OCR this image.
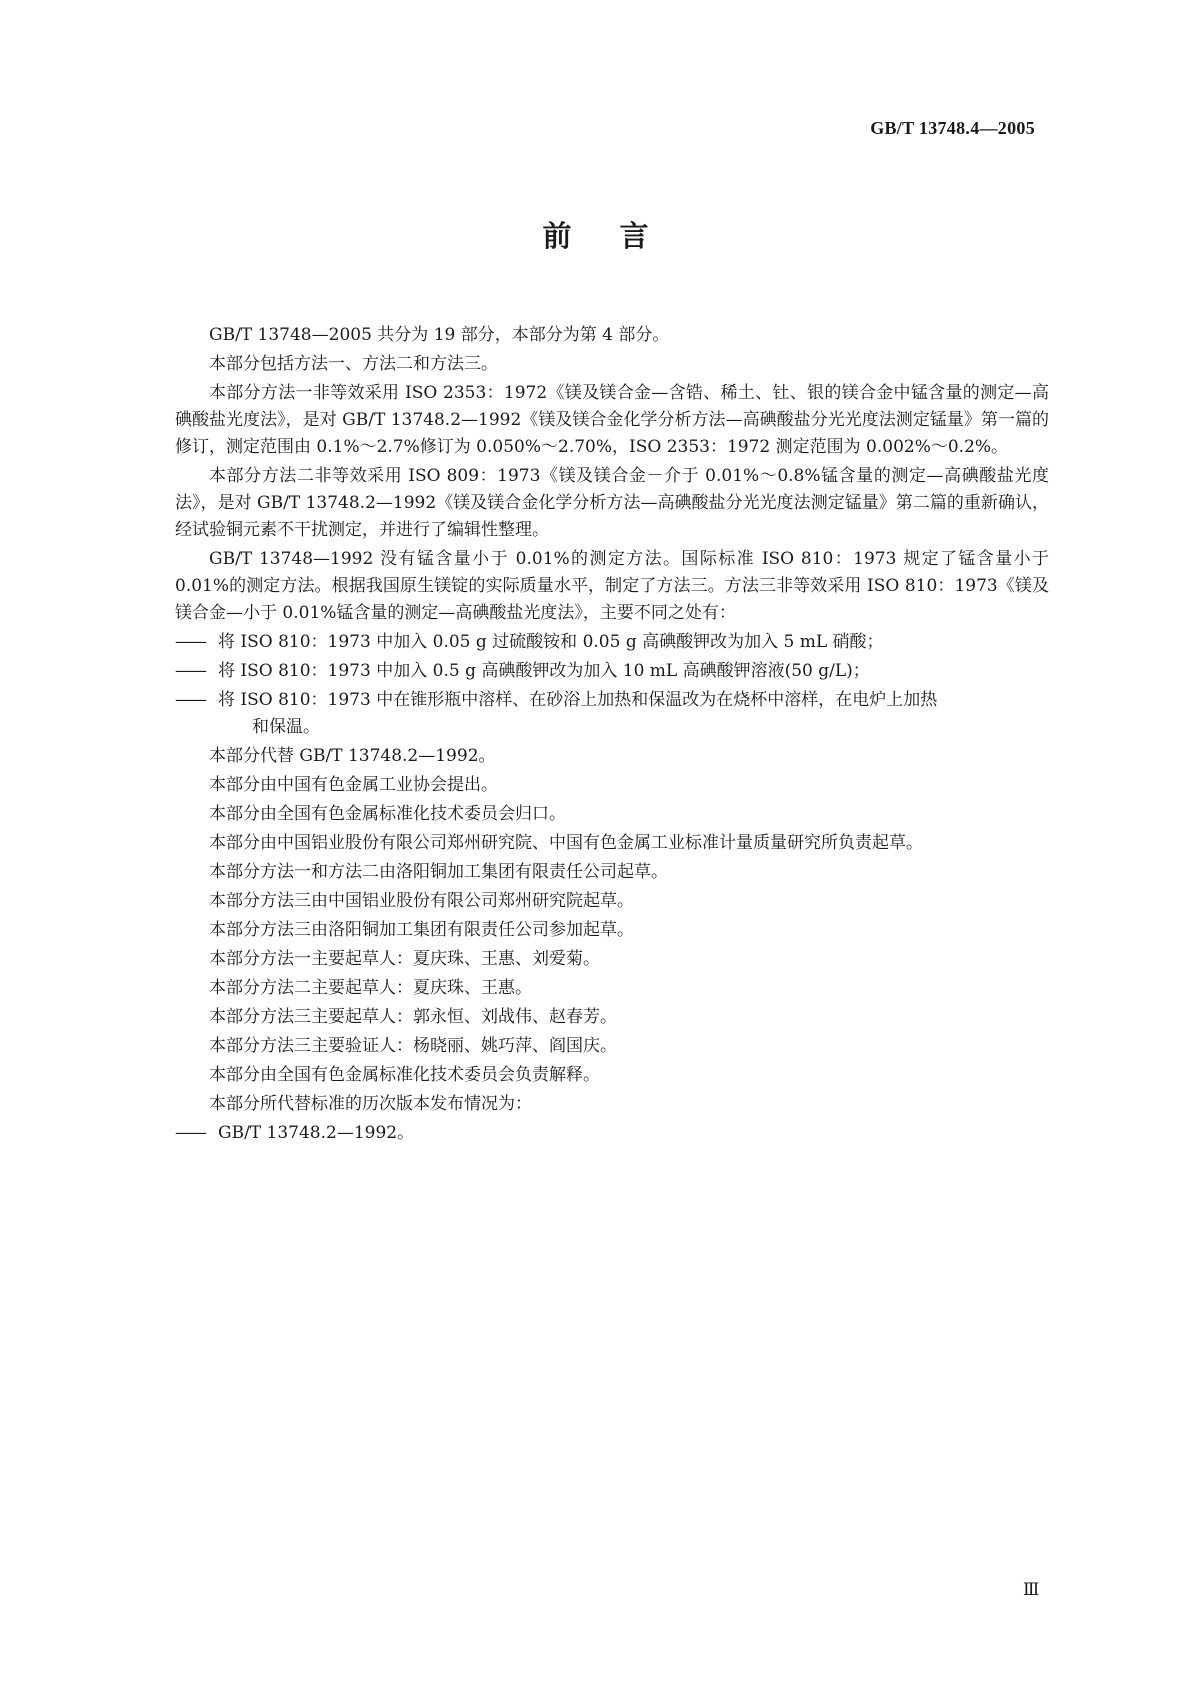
GB/T 13748.4—2005
前言

GB/T 13748—2005 共分为 19 部分，本部分为第 4 部分。

本部分包括方法一、方法二和方法三。

本部分方法一非等效采用 ISO 2353：1972《镁及镁合金—含锆、稀土、钍、银的镁合金中锰含量的测定—高碘酸盐光度法》，是对 GB/T 13748.2—1992《镁及镁合金化学分析方法—高碘酸盐分光光度法测定锰量》第一篇的修订，测定范围由 0.1%～2.7%修订为 0.050%～2.70%，ISO 2353：1972 测定范围为 0.002%～0.2%。

本部分方法二非等效采用 ISO 809：1973《镁及镁合金－介于 0.01%～0.8%锰含量的测定—高碘酸盐光度法》，是对 GB/T 13748.2—1992《镁及镁合金化学分析方法—高碘酸盐分光光度法测定锰量》第二篇的重新确认，经试验铜元素不干扰测定，并进行了编辑性整理。

GB/T 13748—1992 没有锰含量小于 0.01%的测定方法。国际标准 ISO 810：1973 规定了锰含量小于 0.01%的测定方法。根据我国原生镁锭的实际质量水平，制定了方法三。方法三非等效采用 ISO 810：1973《镁及镁合金—小于 0.01%锰含量的测定—高碘酸盐光度法》，主要不同之处有：

—— 将 ISO 810：1973 中加入 0.05 g 过硫酸铵和 0.05 g 高碘酸钾改为加入 5 mL 硝酸；
—— 将 ISO 810：1973 中加入 0.5 g 高碘酸钾改为加入 10 mL 高碘酸钾溶液(50 g/L)；
—— 将 ISO 810：1973 中在锥形瓶中溶样、在砂浴上加热和保温改为在烧杯中溶样，在电炉上加热
和保温。

本部分代替 GB/T 13748.2—1992。

本部分由中国有色金属工业协会提出。

本部分由全国有色金属标准化技术委员会归口。

本部分由中国铝业股份有限公司郑州研究院、中国有色金属工业标准计量质量研究所负责起草。

本部分方法一和方法二由洛阳铜加工集团有限责任公司起草。

本部分方法三由中国铝业股份有限公司郑州研究院起草。

本部分方法三由洛阳铜加工集团有限责任公司参加起草。

本部分方法一主要起草人：夏庆珠、王惠、刘爱菊。

本部分方法二主要起草人：夏庆珠、王惠。

本部分方法三主要起草人：郭永恒、刘战伟、赵春芳。

本部分方法三主要验证人：杨晓丽、姚巧萍、阎国庆。

本部分由全国有色金属标准化技术委员会负责解释。

本部分所代替标准的历次版本发布情况为：

—— GB/T 13748.2—1992。
Ⅲ
